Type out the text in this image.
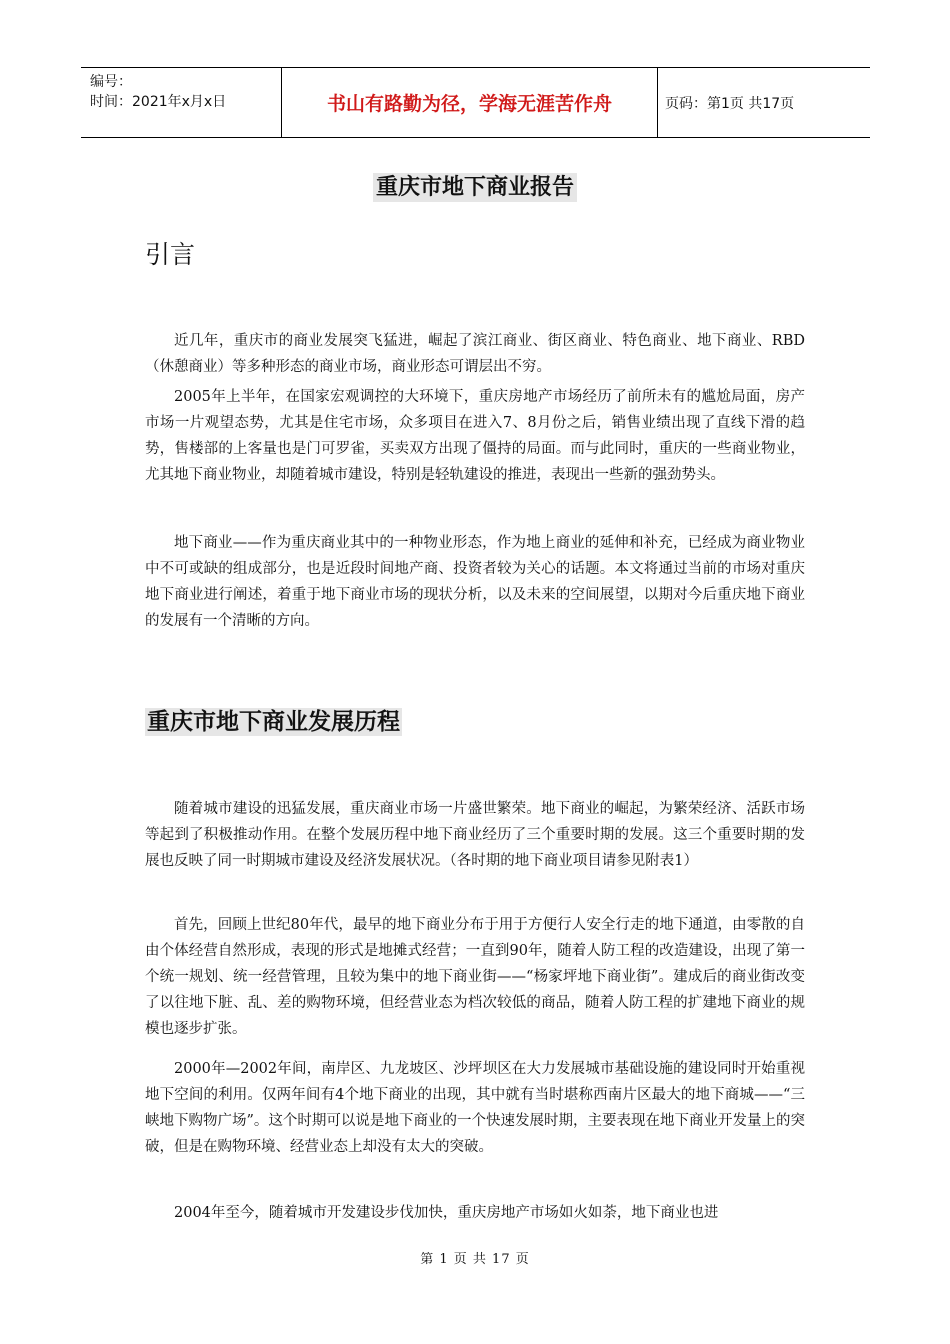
编号：
时间：2021年x月x日	书山有路勤为径，学海无涯苦作舟	页码：第1页 共17页
重庆市地下商业报告
引言

近几年，重庆市的商业发展突飞猛进，崛起了滨江商业、街区商业、特色商业、地下商业、RBD（休憩商业）等多种形态的商业市场，商业形态可谓层出不穷。

2005年上半年，在国家宏观调控的大环境下，重庆房地产市场经历了前所未有的尴尬局面，房产市场一片观望态势，尤其是住宅市场，众多项目在进入7、8月份之后，销售业绩出现了直线下滑的趋势，售楼部的上客量也是门可罗雀，买卖双方出现了僵持的局面。而与此同时，重庆的一些商业物业，尤其地下商业物业，却随着城市建设，特别是轻轨建设的推进，表现出一些新的强劲势头。

地下商业——作为重庆商业其中的一种物业形态，作为地上商业的延伸和补充，已经成为商业物业中不可或缺的组成部分，也是近段时间地产商、投资者较为关心的话题。本文将通过当前的市场对重庆地下商业进行阐述，着重于地下商业市场的现状分析，以及未来的空间展望，以期对今后重庆地下商业的发展有一个清晰的方向。

重庆市地下商业发展历程

随着城市建设的迅猛发展，重庆商业市场一片盛世繁荣。地下商业的崛起，为繁荣经济、活跃市场等起到了积极推动作用。在整个发展历程中地下商业经历了三个重要时期的发展。这三个重要时期的发展也反映了同一时期城市建设及经济发展状况。（各时期的地下商业项目请参见附表1）

首先，回顾上世纪80年代，最早的地下商业分布于用于方便行人安全行走的地下通道，由零散的自由个体经营自然形成，表现的形式是地摊式经营；一直到90年，随着人防工程的改造建设，出现了第一个统一规划、统一经营管理，且较为集中的地下商业街——“杨家坪地下商业街”。建成后的商业街改变了以往地下脏、乱、差的购物环境，但经营业态为档次较低的商品，随着人防工程的扩建地下商业的规模也逐步扩张。

2000年—2002年间，南岸区、九龙坡区、沙坪坝区在大力发展城市基础设施的建设同时开始重视地下空间的利用。仅两年间有4个地下商业的出现，其中就有当时堪称西南片区最大的地下商城——“三峡地下购物广场”。这个时期可以说是地下商业的一个快速发展时期，主要表现在地下商业开发量上的突破，但是在购物环境、经营业态上却没有太大的突破。

2004年至今，随着城市开发建设步伐加快，重庆房地产市场如火如荼，地下商业也进

第 1 页 共 17 页
